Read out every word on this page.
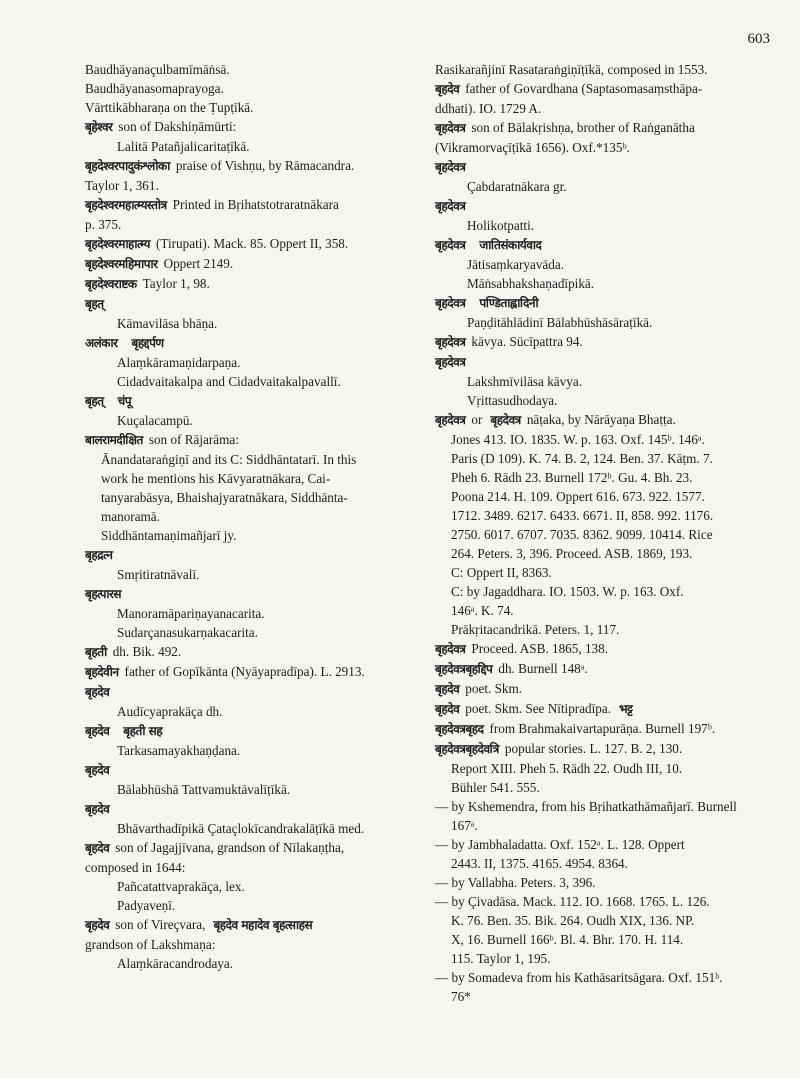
603
Baudhāyanaçulbamīmāṅsā.
Baudhāyanasomaprayoga.
Vārttikābharaṇa on the Ṭupṭīkā.
बृहेश्वर son of Dakshiṇāmūrti:
Lalitā Patañjalicaritaṭīkā.
बृहदेश्वरपादुकंश्लोका praise of Vishṇu, by Rāmacandra.
Taylor 1, 361.
बृहदेश्वरमहात्म्यस्तोत्र Printed in Bṛihatstotraratnākara
p. 375.
बृहदेश्वरमाहात्म्य (Tirupati). Mack. 85. Oppert II, 358.
बृहदेश्वरमहिमापार Oppert 2149.
बृहदेश्वराष्टक Taylor 1, 98.
बृहत्
Kāmavilāsa bhāṇa.
अलंकार बृहद्दर्पण
Alaṃkāramaṇidarpaṇa.
Cidadvaitakalpa and Cidadvaitakalpavallī.
बृहत् चंपू
Kuçalacampū.
बालरामदीक्षित son of Rājarāma:
Ānandataraṅgiṇī and its C: Siddhāntatarī. In this
work he mentions his Kāvyaratnākara, Cai-
tanyarabāsya, Bhaishajyaratnākara, Siddhānta-
manoramā.
Siddhāntamaṇimañjarī jy.
बृहद्रत्न
Smṛitiratnāvalī.
बृहत्पारस
Manoramāpariṇayanacarita.
Sudarçanasukarṇakacarita.
बृहती dh. Bik. 492.
बृहदेवीन father of Gopīkānta (Nyāyapradīpa). L. 2913.
बृहदेव
Audīcyaprakāça dh.
बृहदेव बृहती सह
Tarkasamayakhaṇḍana.
बृहदेव
Bālabhūshā Tattvamuktāvalīṭīkā.
बृहदेव
Bhāvarthadīpikā Çataçlokīcandrakalāṭīkā med.
बृहदेव son of Jagajjīvana, grandson of Nīlakaṇṭha,
composed in 1644:
Pañcatattvaprakāça, lex.
Padyaveṇī.
बृहदेव son of Vireçvara, बृहदेव महादेव बृहत्साहस
grandson of Lakshmaṇa:
Alaṃkāracandrodaya.
Rasikarañjinī Rasataraṅgiṇīṭīkā, composed in 1553.
बृहदेव father of Govardhana (Saptasomasaṃsthāpa-
ddhati). IO. 1729 A.
बृहदेवत्र son of Bālakṛishṇa, brother of Raṅganātha
(Vikramorvaçīṭīkā 1656). Oxf.*135ᵇ.
बृहदेवत्र
Çabdaratnākara gr.
बृहदेवत्र
Holikotpatti.
बृहदेवत्र जातिसंकार्यवाद
Jātisaṃkaryavāda.
Māṅsabhakshaṇadīpikā.
बृहदेवत्र पण्डिताह्लादिनी
Paṇḍitāhlādinī Bālabhūshāsāraṭīkā.
बृहदेवत्र kāvya. Sūcīpattra 94.
बृहदेवत्र
Lakshmīvilāsa kāvya.
Vṛittasudhodaya.
बृहदेवत्र or बृहदेवत्र nāṭaka, by Nārāyaṇa Bhaṭṭa.
Jones 413. IO. 1835. W. p. 163. Oxf. 145ᵇ. 146ᵃ.
Paris (D 109). K. 74. B. 2, 124. Ben. 37. Kāṭm. 7.
Pheh 6. Rādh 23. Burnell 172ᵇ. Gu. 4. Bh. 23.
Poona 214. H. 109. Oppert 616. 673. 922. 1577.
1712. 3489. 6217. 6433. 6671. II, 858. 992. 1176.
2750. 6017. 6707. 7035. 8362. 9099. 10414. Rice
264. Peters. 3, 396. Proceed. ASB. 1869, 193.
C: Oppert II, 8363.
C: by Jagaddhara. IO. 1503. W. p. 163. Oxf.
146ᵃ. K. 74.
Prākṛitacandrikā. Peters. 1, 117.
बृहदेवत्र Proceed. ASB. 1865, 138.
बृहदेवत्रबृहद्दिप dh. Burnell 148ᵃ.
बृहदेव poet. Skm.
बृहदेव poet. Skm. See Nītipradīpa. भट्ट
बृहदेवत्रबृहद from Brahmakaivartapurāṇa. Burnell 197ᵇ.
बृहदेवत्रबृहदेवत्रि popular stories. L. 127. B. 2, 130.
Report XIII. Pheh 5. Rādh 22. Oudh III, 10.
Bühler 541. 555.
— by Kshemendra, from his Bṛihatkathāmañjarī. Burnell
167ᵃ.
— by Jambhaladatta. Oxf. 152ᵃ. L. 128. Oppert
2443. II, 1375. 4165. 4954. 8364.
— by Vallabha. Peters. 3, 396.
— by Çivadāsa. Mack. 112. IO. 1668. 1765. L. 126.
K. 76. Ben. 35. Bik. 264. Oudh XIX, 136. NP.
X, 16. Burnell 166ᵇ. Bl. 4. Bhr. 170. H. 114.
115. Taylor 1, 195.
— by Somadeva from his Kathāsaritsāgara. Oxf. 151ᵇ.
76*
